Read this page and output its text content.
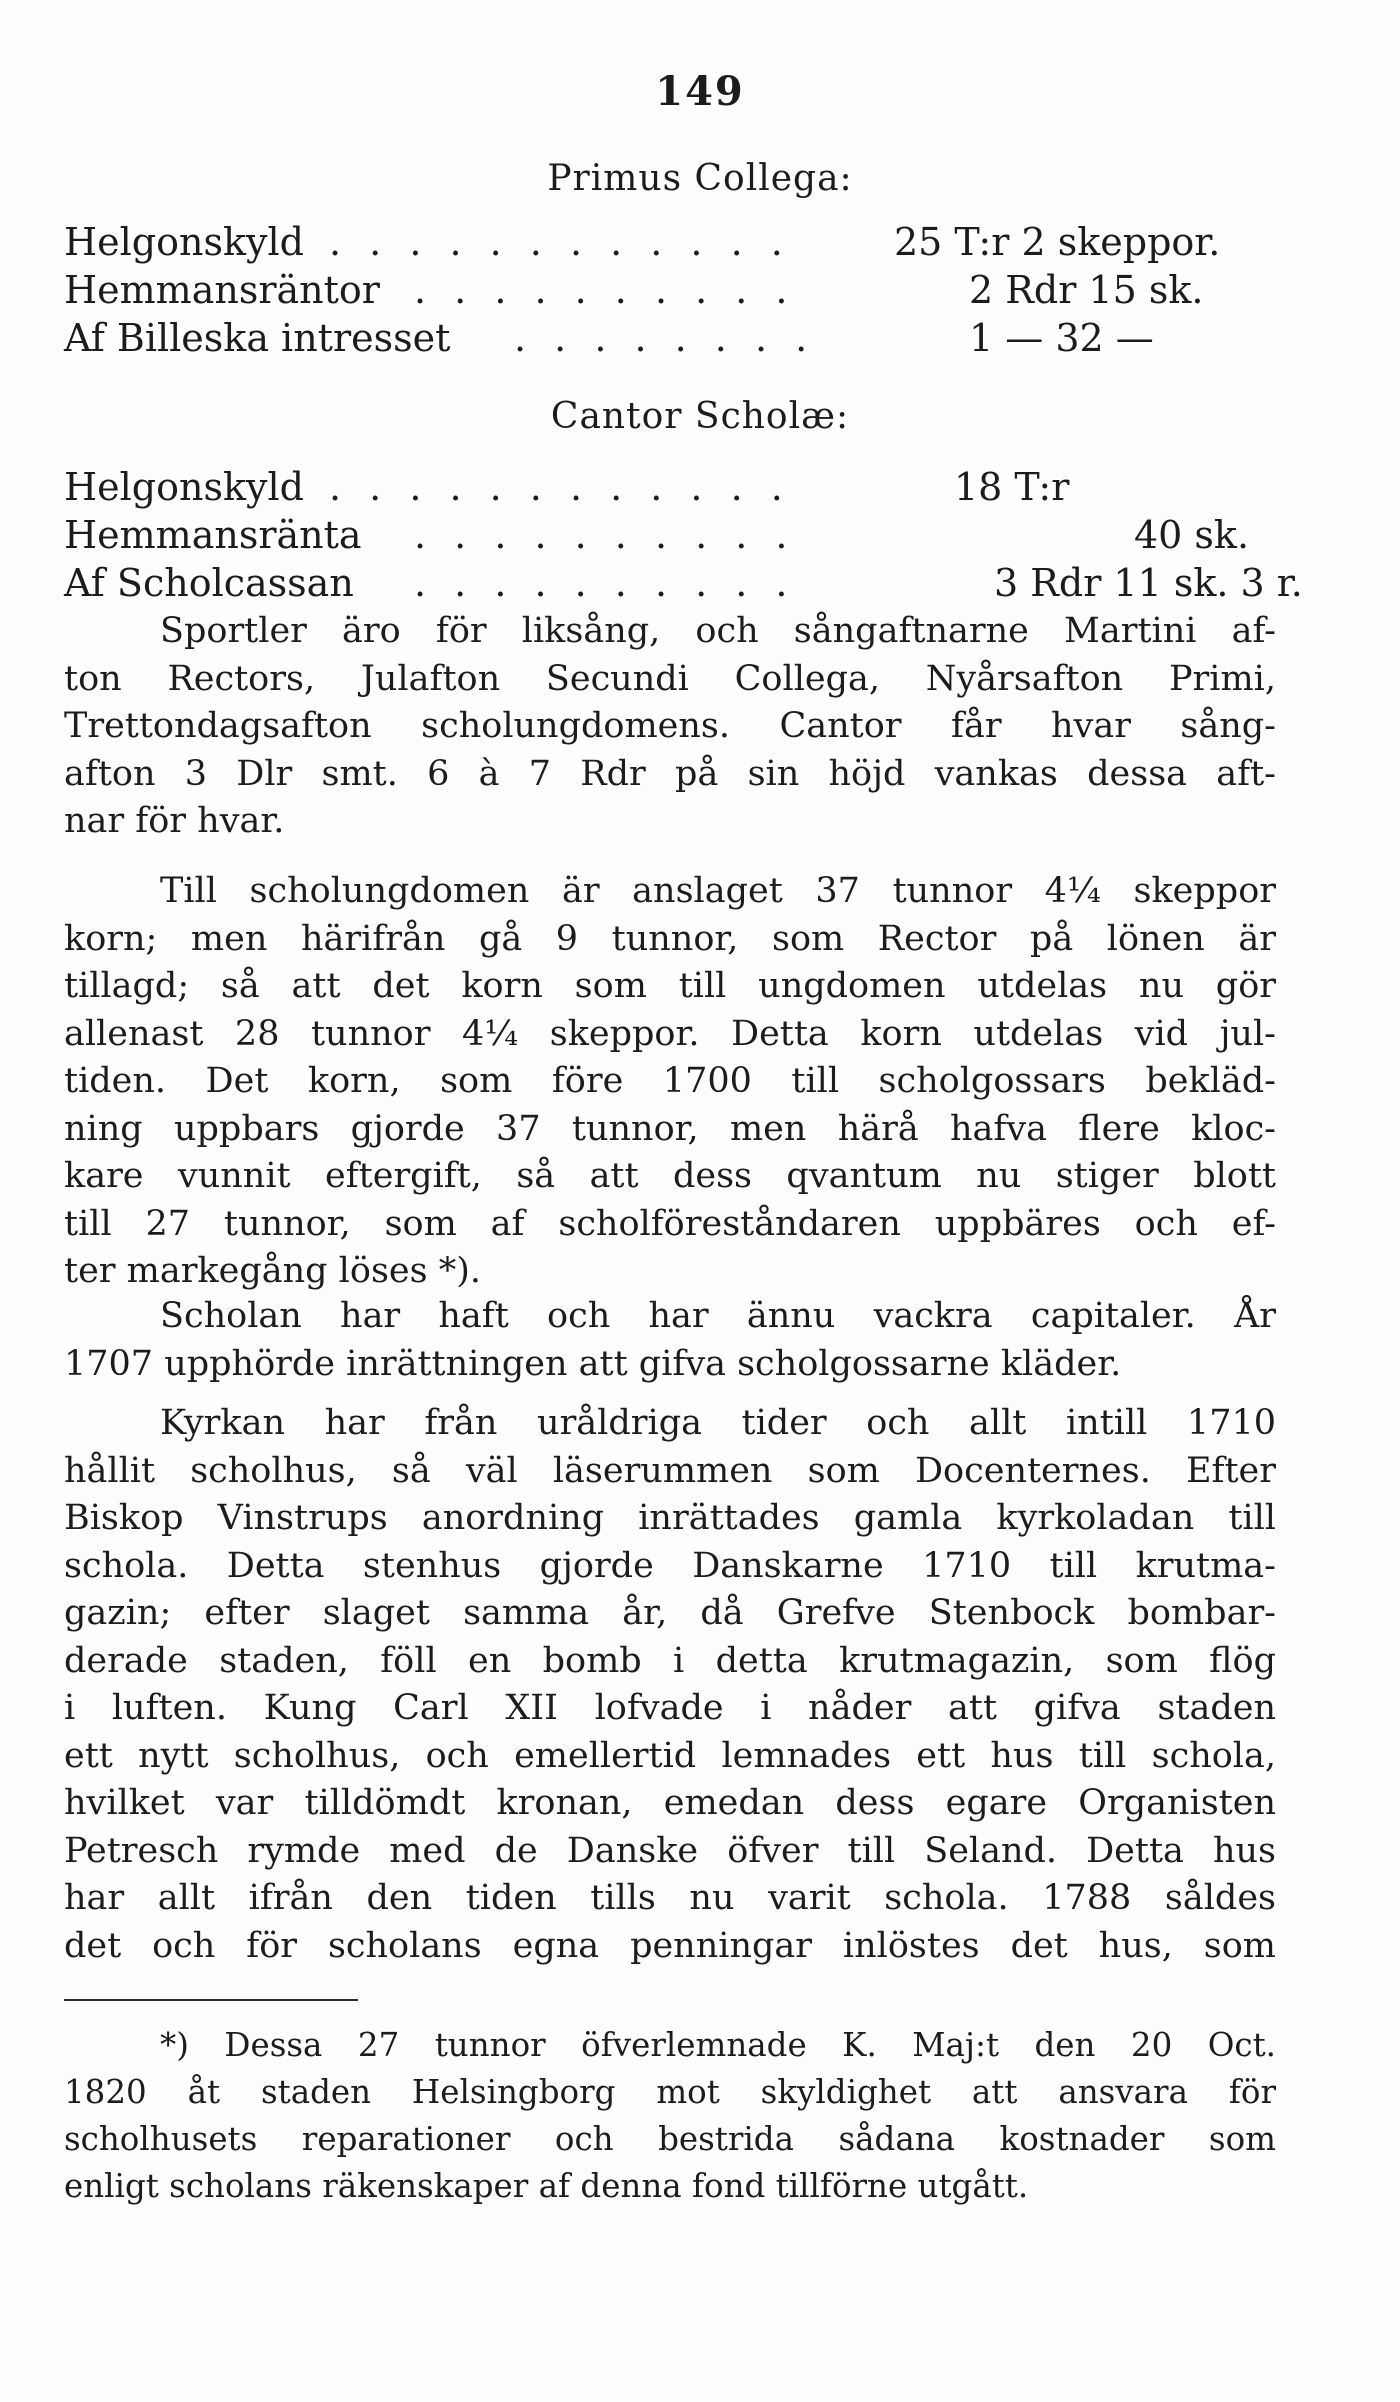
149
Primus Collega:
Helgonskyld . . . . . . . . . . . .	25 T:r 2 skeppor.
Hemmansräntor . . . . . . . . . .	2 Rdr 15 sk.
Af Billeska intresset . . . . . . . .	1 — 32 —
Cantor Scholæ:
Helgonskyld . . . . . . . . . . . .	18 T:r
Hemmansränta . . . . . . . . . .	40 sk.
Af Scholcassan . . . . . . . . . .	3 Rdr 11 sk. 3 r.
Sportler äro för liksång, och sångaftnarne Martini af-
ton Rectors, Julafton Secundi Collega, Nyårsafton Primi,
Trettondagsafton scholungdomens. Cantor får hvar sång-
afton 3 Dlr smt. 6 à 7 Rdr på sin höjd vankas dessa aft-
nar för hvar.
Till scholungdomen är anslaget 37 tunnor 4¼ skeppor
korn; men härifrån gå 9 tunnor, som Rector på lönen är
tillagd; så att det korn som till ungdomen utdelas nu gör
allenast 28 tunnor 4¼ skeppor. Detta korn utdelas vid jul-
tiden. Det korn, som före 1700 till scholgossars bekläd-
ning uppbars gjorde 37 tunnor, men härå hafva flere kloc-
kare vunnit eftergift, så att dess qvantum nu stiger blott
till 27 tunnor, som af scholföreståndaren uppbäres och ef-
ter markegång löses *).
Scholan har haft och har ännu vackra capitaler. År
1707 upphörde inrättningen att gifva scholgossarne kläder.
Kyrkan har från uråldriga tider och allt intill 1710
hållit scholhus, så väl läserummen som Docenternes. Efter
Biskop Vinstrups anordning inrättades gamla kyrkoladan till
schola. Detta stenhus gjorde Danskarne 1710 till krutma-
gazin; efter slaget samma år, då Grefve Stenbock bombar-
derade staden, föll en bomb i detta krutmagazin, som flög
i luften. Kung Carl XII lofvade i nåder att gifva staden
ett nytt scholhus, och emellertid lemnades ett hus till schola,
hvilket var tilldömdt kronan, emedan dess egare Organisten
Petresch rymde med de Danske öfver till Seland. Detta hus
har allt ifrån den tiden tills nu varit schola. 1788 såldes
det och för scholans egna penningar inlöstes det hus, som
*) Dessa 27 tunnor öfverlemnade K. Maj:t den 20 Oct.
1820 åt staden Helsingborg mot skyldighet att ansvara för
scholhusets reparationer och bestrida sådana kostnader som
enligt scholans räkenskaper af denna fond tillförne utgått.
